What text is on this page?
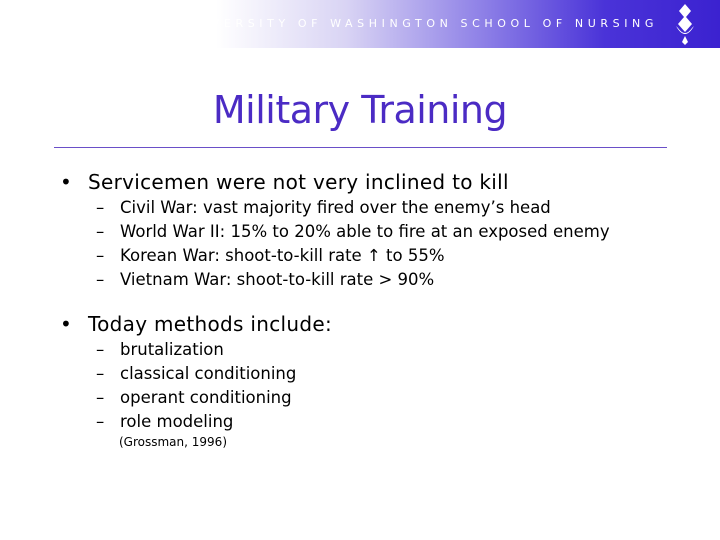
UNIVERSITY OF WASHINGTON SCHOOL OF NURSING
Military Training
• Servicemen were not very inclined to kill
– Civil War: vast majority fired over the enemy’s head
– World War II: 15% to 20% able to fire at an exposed enemy
– Korean War: shoot-to-kill rate ↑ to 55%
– Vietnam War: shoot-to-kill rate > 90%
• Today methods include:
– brutalization
– classical conditioning
– operant conditioning
– role modeling
(Grossman, 1996)
